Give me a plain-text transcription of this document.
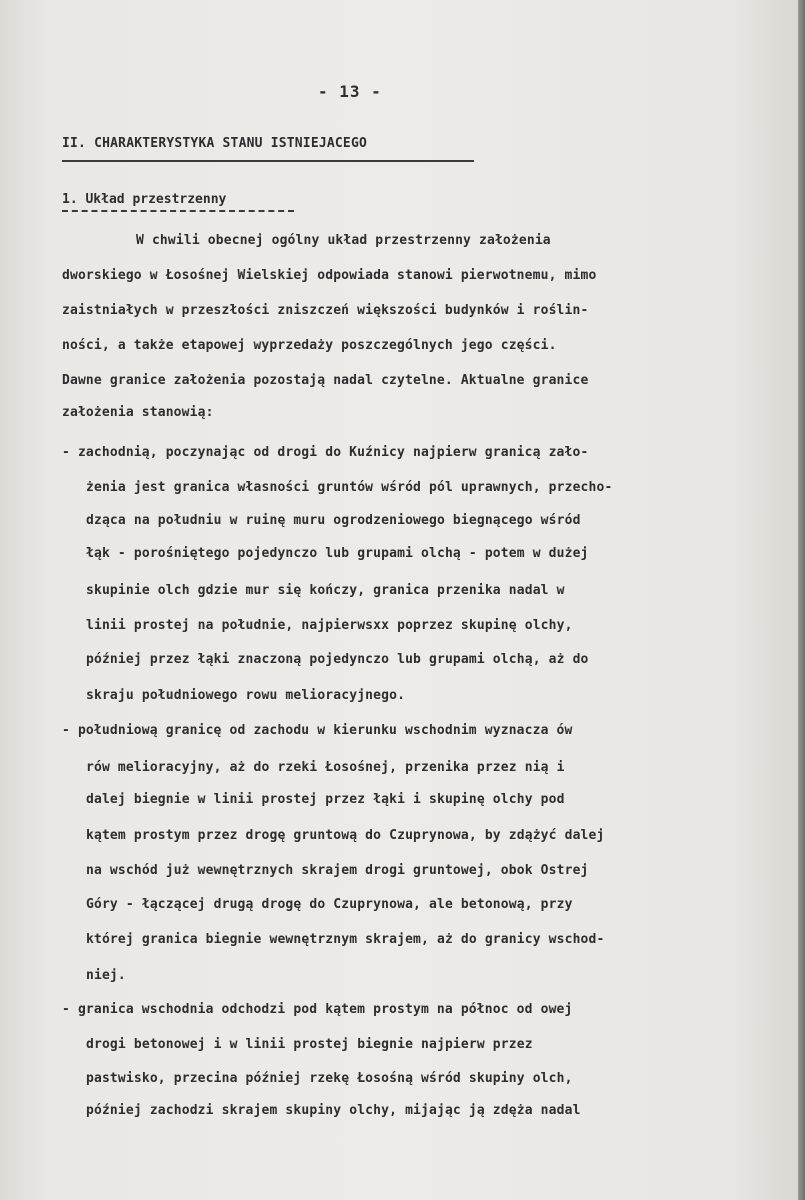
- 13 -
II. CHARAKTERYSTYKA STANU ISTNIEJACEGO
1. Układ przestrzenny
W chwili obecnej ogólny układ przestrzenny założenia
dworskiego w Łosośnej Wielskiej odpowiada stanowi pierwotnemu, mimo
zaistniałych w przeszłości zniszczeń większości budynków i roślin-
ności, a także etapowej wyprzedaży poszczególnych jego części.
Dawne granice założenia pozostają nadal czytelne. Aktualne granice
założenia stanowią:
- zachodnią, poczynając od drogi do Kuźnicy najpierw granicą zało-
żenia jest granica własności gruntów wśród pól uprawnych, przecho-
dząca na południu w ruinę muru ogrodzeniowego biegnącego wśród
łąk - porośniętego pojedynczo lub grupami olchą - potem w dużej
skupinie olch gdzie mur się kończy, granica przenika nadal w
linii prostej na południe, najpierwsxx poprzez skupinę olchy,
później przez łąki znaczoną pojedynczo lub grupami olchą, aż do
skraju południowego rowu melioracyjnego.
- południową granicę od zachodu w kierunku wschodnim wyznacza ów
rów melioracyjny, aż do rzeki Łosośnej, przenika przez nią i
dalej biegnie w linii prostej przez łąki i skupinę olchy pod
kątem prostym przez drogę gruntową do Czuprynowa, by zdążyć dalej
na wschód już wewnętrznych skrajem drogi gruntowej, obok Ostrej
Góry - łączącej drugą drogę do Czuprynowa, ale betonową, przy
której granica biegnie wewnętrznym skrajem, aż do granicy wschod-
niej.
- granica wschodnia odchodzi pod kątem prostym na północ od owej
drogi betonowej i w linii prostej biegnie najpierw przez
pastwisko, przecina później rzekę Łosośną wśród skupiny olch,
później zachodzi skrajem skupiny olchy, mijając ją zdęża nadal
